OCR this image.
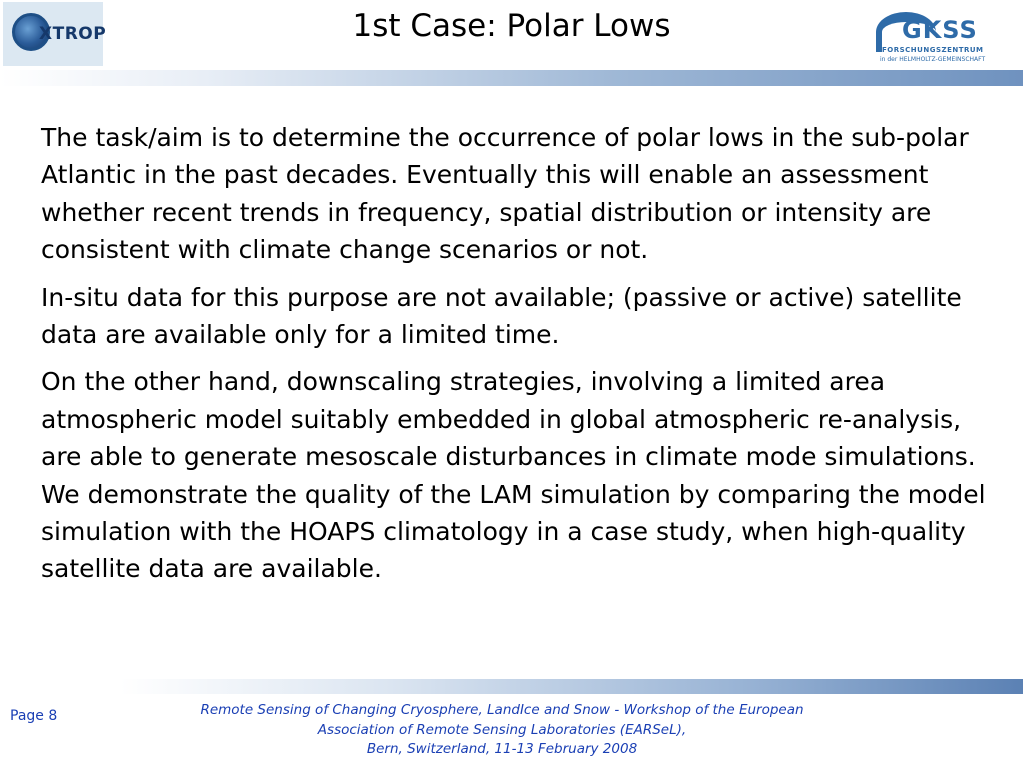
XTROP	1st Case: Polar Lows	GKSS
FORSCHUNGSZENTRUM
in der HELMHOLTZ-GEMEINSCHAFT

The task/aim is to determine the occurrence of polar lows in the sub-polar Atlantic in the past decades. Eventually this will enable an assessment whether recent trends in frequency, spatial distribution or intensity are consistent with climate change scenarios or not.

In-situ data for this purpose are not available; (passive or active) satellite data are available only for a limited time.

On the other hand, downscaling strategies, involving a limited area atmospheric model suitably embedded in global atmospheric re-analysis, are able to generate mesoscale disturbances in climate mode simulations. We demonstrate the quality of the LAM simulation by comparing the model simulation with the HOAPS climatology in a case study, when high-quality satellite data are available.

Page 8	Remote Sensing of Changing Cryosphere, LandIce and Snow - Workshop of the European
Association of Remote Sensing Laboratories (EARSeL),
Bern, Switzerland, 11-13 February 2008
